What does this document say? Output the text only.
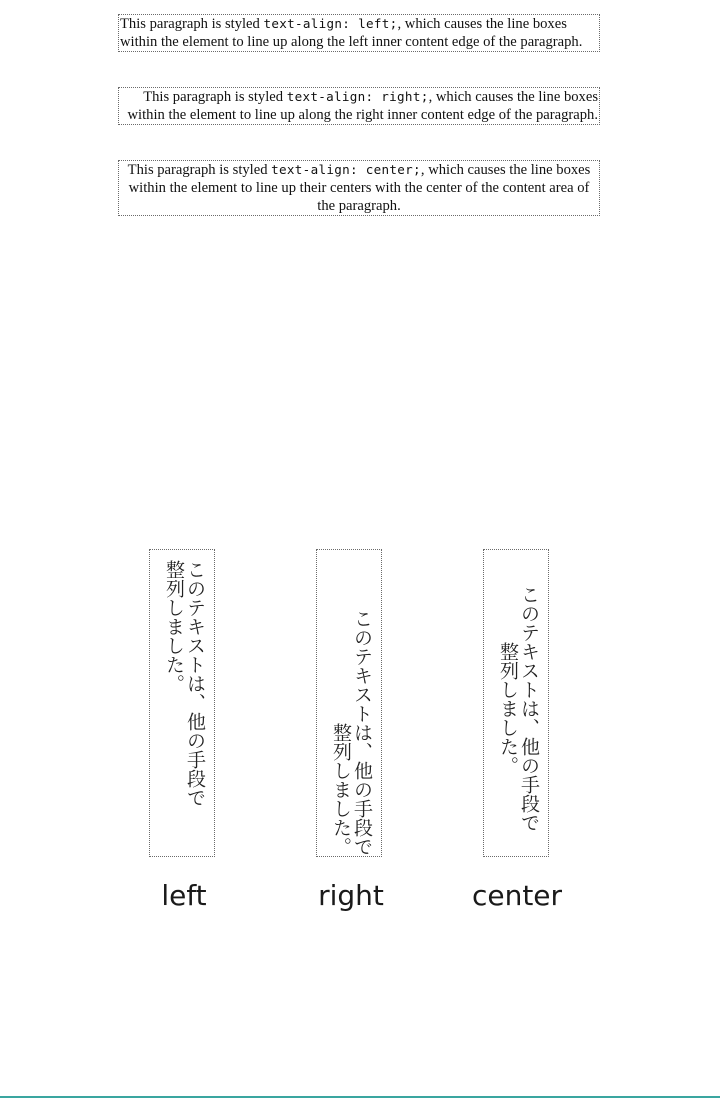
This paragraph is styled text-align: left;, which causes the line boxes within the element to line up along the left inner content edge of the paragraph.

This paragraph is styled text-align: right;, which causes the line boxes within the element to line up along the right inner content edge of the paragraph.

This paragraph is styled text-align: center;, which causes the line boxes within the element to line up their centers with the center of the content area of the paragraph.

このテキストは、他の手段で
整列しました。	このテキストは、他の手段で
整列しました。	このテキストは、他の手段で
整列しました。
left	right	center
